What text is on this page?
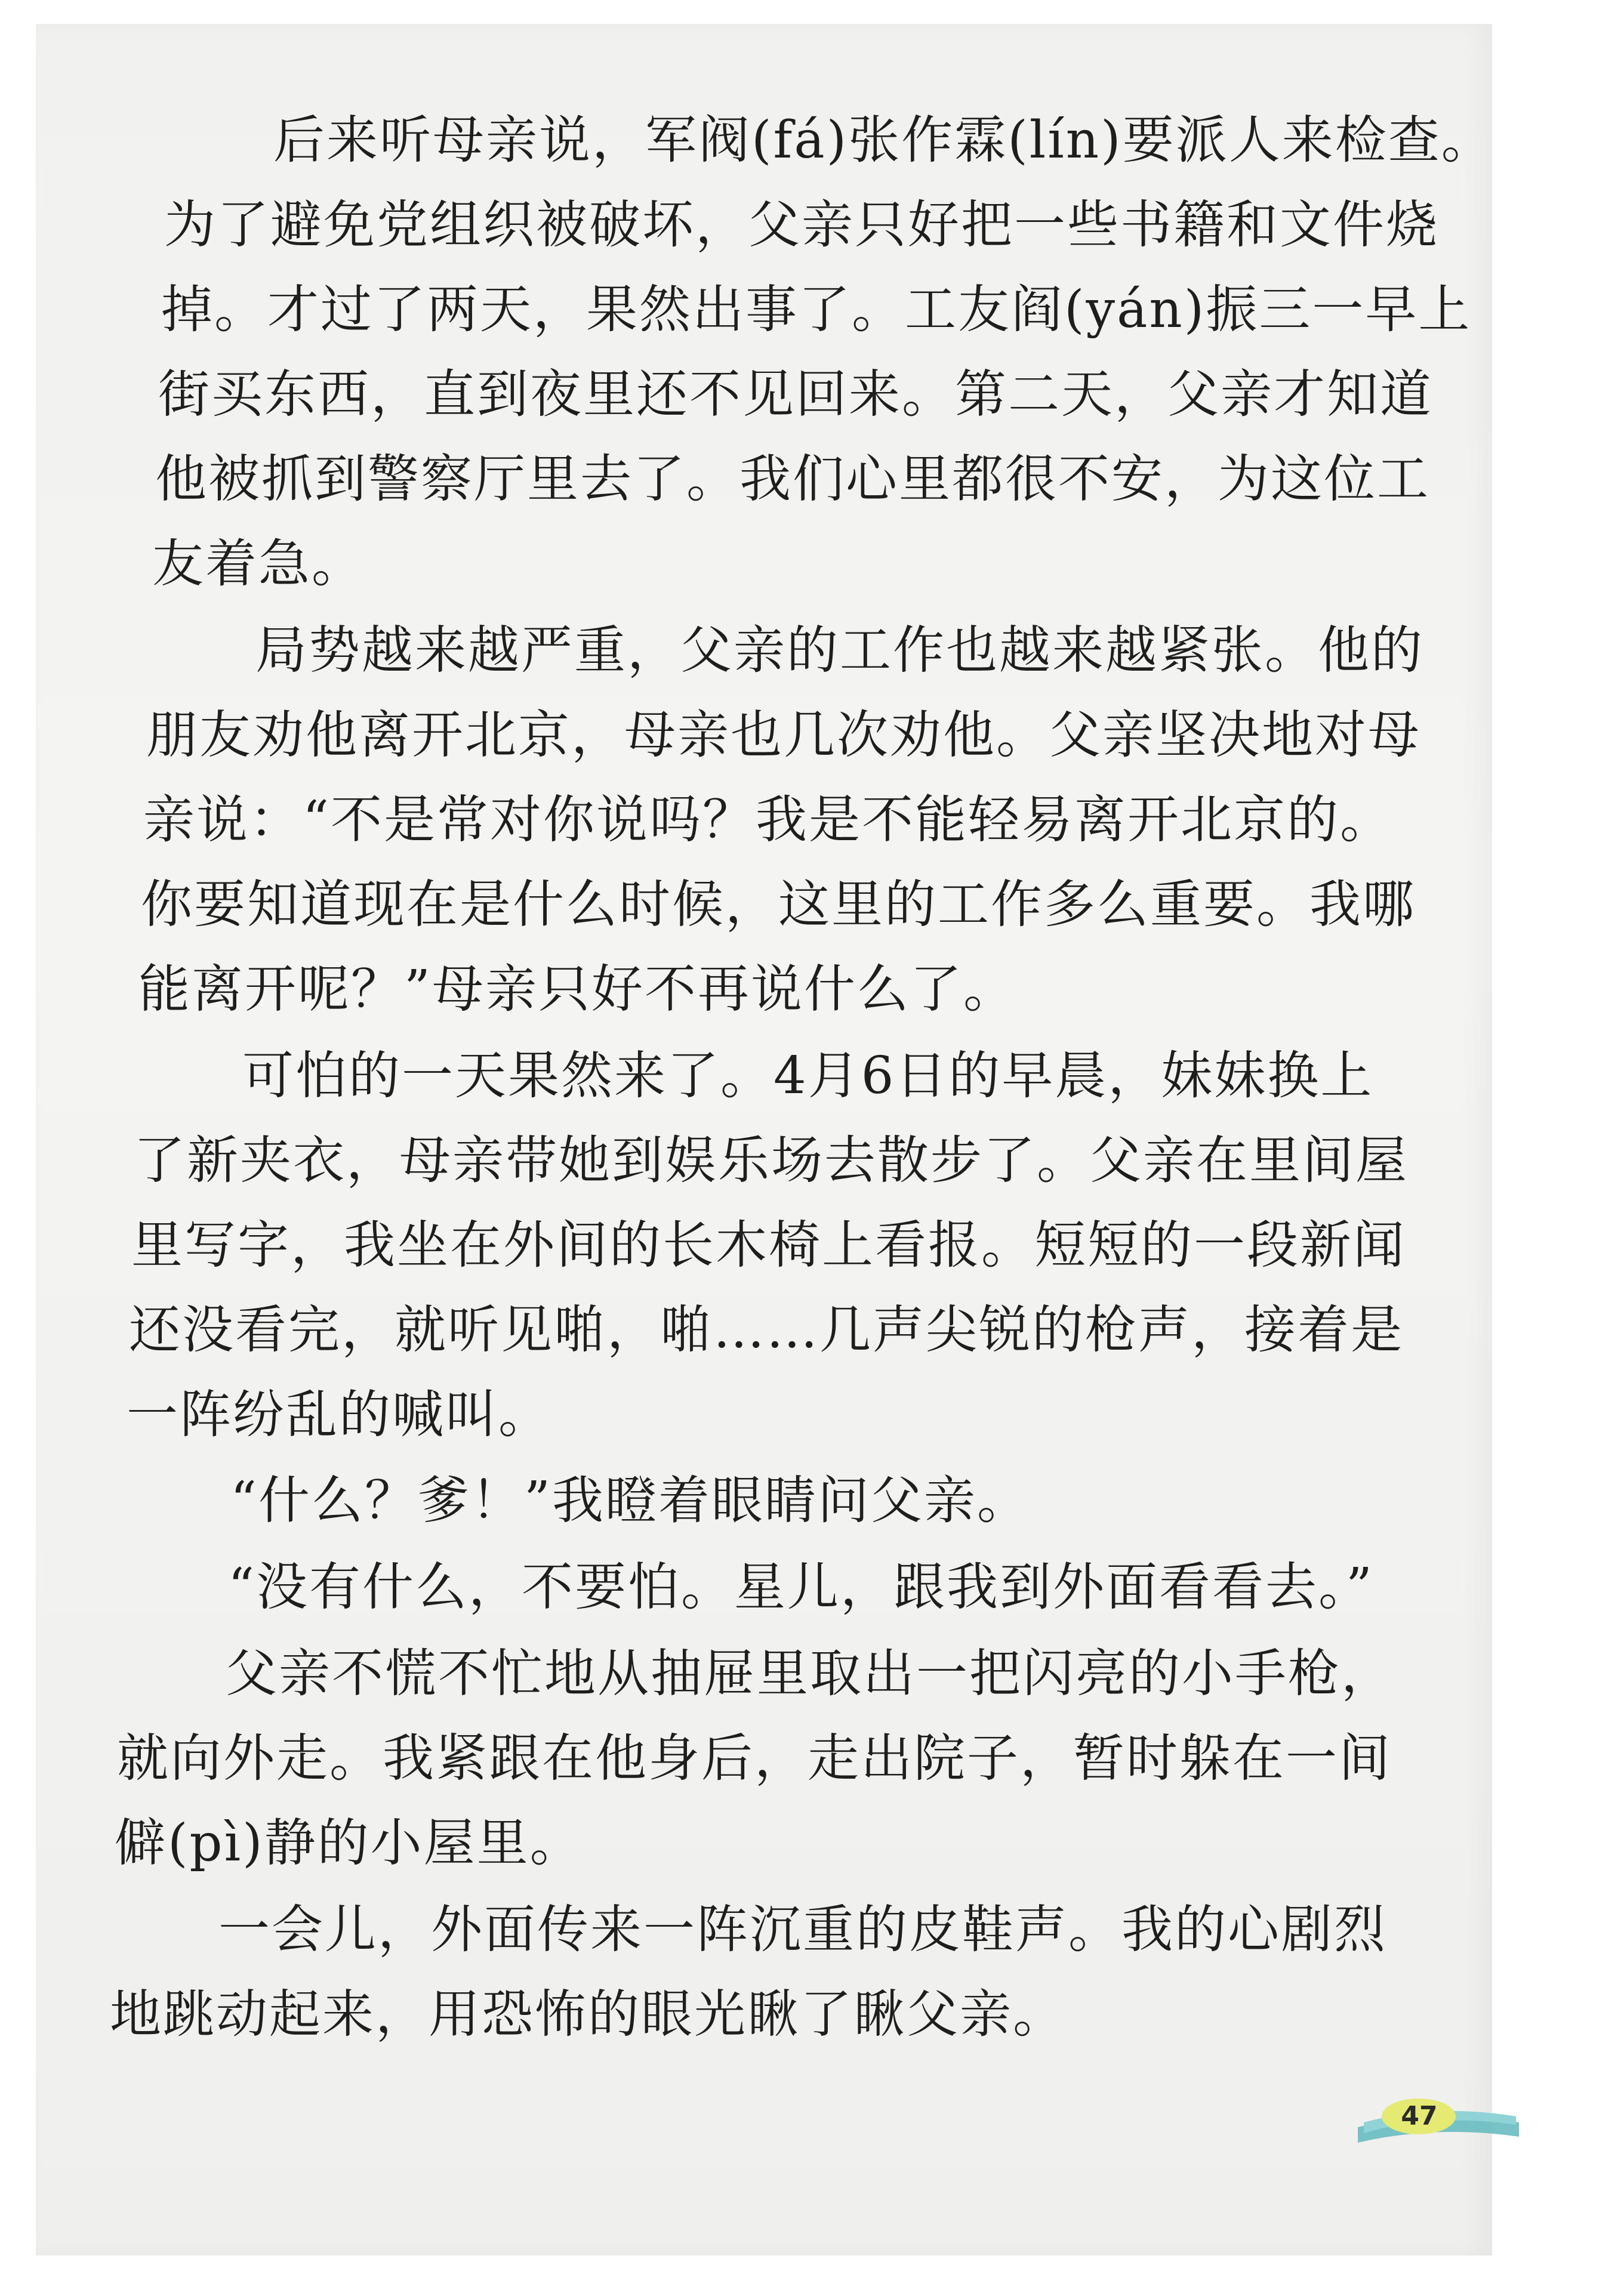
　　后来听母亲说，军阀(fá)张作霖(lín)要派人来检查。
为了避免党组织被破坏，父亲只好把一些书籍和文件烧
掉。才过了两天，果然出事了。工友阎(yán)振三一早上
街买东西，直到夜里还不见回来。第二天，父亲才知道
他被抓到警察厅里去了。我们心里都很不安，为这位工
友着急。
　　局势越来越严重，父亲的工作也越来越紧张。他的
朋友劝他离开北京，母亲也几次劝他。父亲坚决地对母
亲说：“不是常对你说吗？我是不能轻易离开北京的。
你要知道现在是什么时候，这里的工作多么重要。我哪
能离开呢？”母亲只好不再说什么了。
　　可怕的一天果然来了。4月6日的早晨，妹妹换上
了新夹衣，母亲带她到娱乐场去散步了。父亲在里间屋
里写字，我坐在外间的长木椅上看报。短短的一段新闻
还没看完，就听见啪，啪……几声尖锐的枪声，接着是
一阵纷乱的喊叫。
　　“什么？爹！”我瞪着眼睛问父亲。
　　“没有什么，不要怕。星儿，跟我到外面看看去。”
　　父亲不慌不忙地从抽屉里取出一把闪亮的小手枪，
就向外走。我紧跟在他身后，走出院子，暂时躲在一间
僻(pì)静的小屋里。
　　一会儿，外面传来一阵沉重的皮鞋声。我的心剧烈
地跳动起来，用恐怖的眼光瞅了瞅父亲。
47
